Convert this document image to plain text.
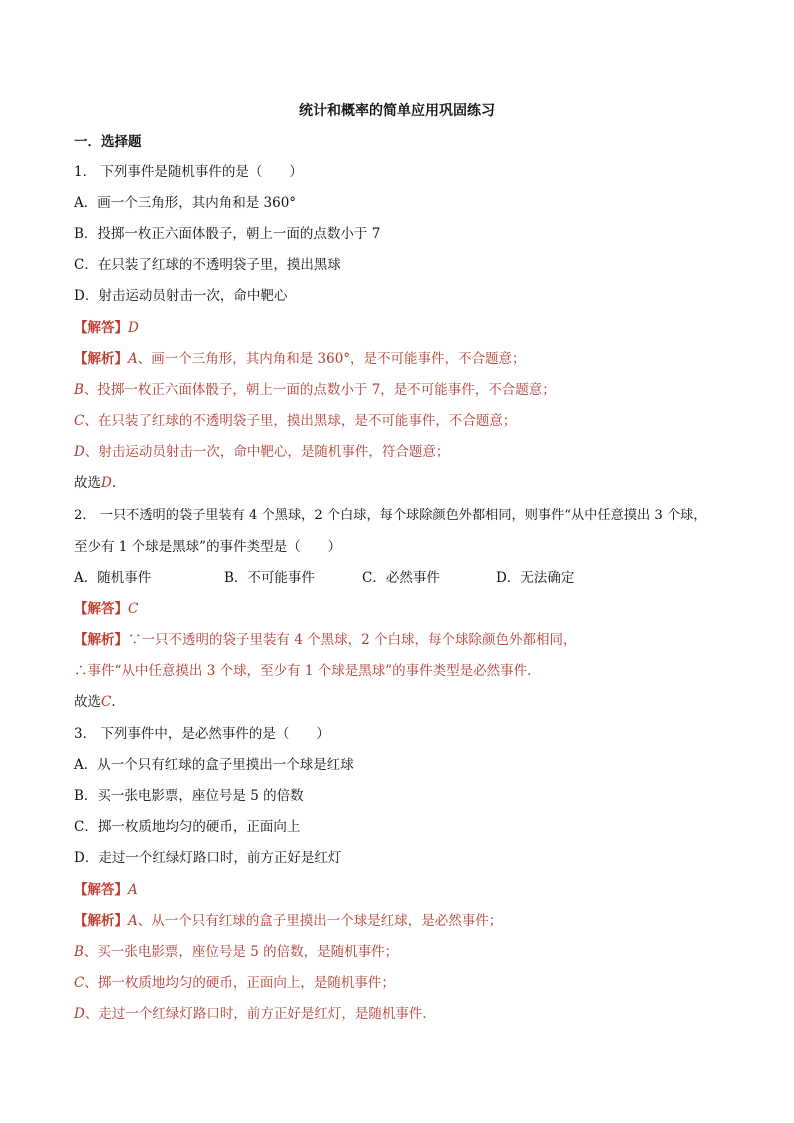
统计和概率的简单应用巩固练习
一．选择题
1． 下列事件是随机事件的是（　　）
A．画一个三角形，其内角和是 360°
B．投掷一枚正六面体骰子，朝上一面的点数小于 7
C．在只装了红球的不透明袋子里，摸出黑球
D．射击运动员射击一次，命中靶心
【解答】D
【解析】A、画一个三角形，其内角和是 360°，是不可能事件，不合题意；
B、投掷一枚正六面体骰子，朝上一面的点数小于 7，是不可能事件，不合题意；
C、在只装了红球的不透明袋子里，摸出黑球，是不可能事件，不合题意；
D、射击运动员射击一次，命中靶心，是随机事件，符合题意；
故选D.
2． 一只不透明的袋子里装有 4 个黑球，2 个白球，每个球除颜色外都相同，则事件“从中任意摸出 3 个球，
至少有 1 个球是黑球”的事件类型是（　　）
A．随机事件	B．不可能事件	C．必然事件	D．无法确定
【解答】C
【解析】∵一只不透明的袋子里装有 4 个黑球，2 个白球，每个球除颜色外都相同，
∴事件“从中任意摸出 3 个球，至少有 1 个球是黑球”的事件类型是必然事件．
故选C.
3． 下列事件中，是必然事件的是（　　）
A．从一个只有红球的盒子里摸出一个球是红球
B．买一张电影票，座位号是 5 的倍数
C．掷一枚质地均匀的硬币，正面向上
D．走过一个红绿灯路口时，前方正好是红灯
【解答】A
【解析】A、从一个只有红球的盒子里摸出一个球是红球，是必然事件；
B、买一张电影票，座位号是 5 的倍数，是随机事件；
C、掷一枚质地均匀的硬币，正面向上，是随机事件；
D、走过一个红绿灯路口时，前方正好是红灯，是随机事件．
